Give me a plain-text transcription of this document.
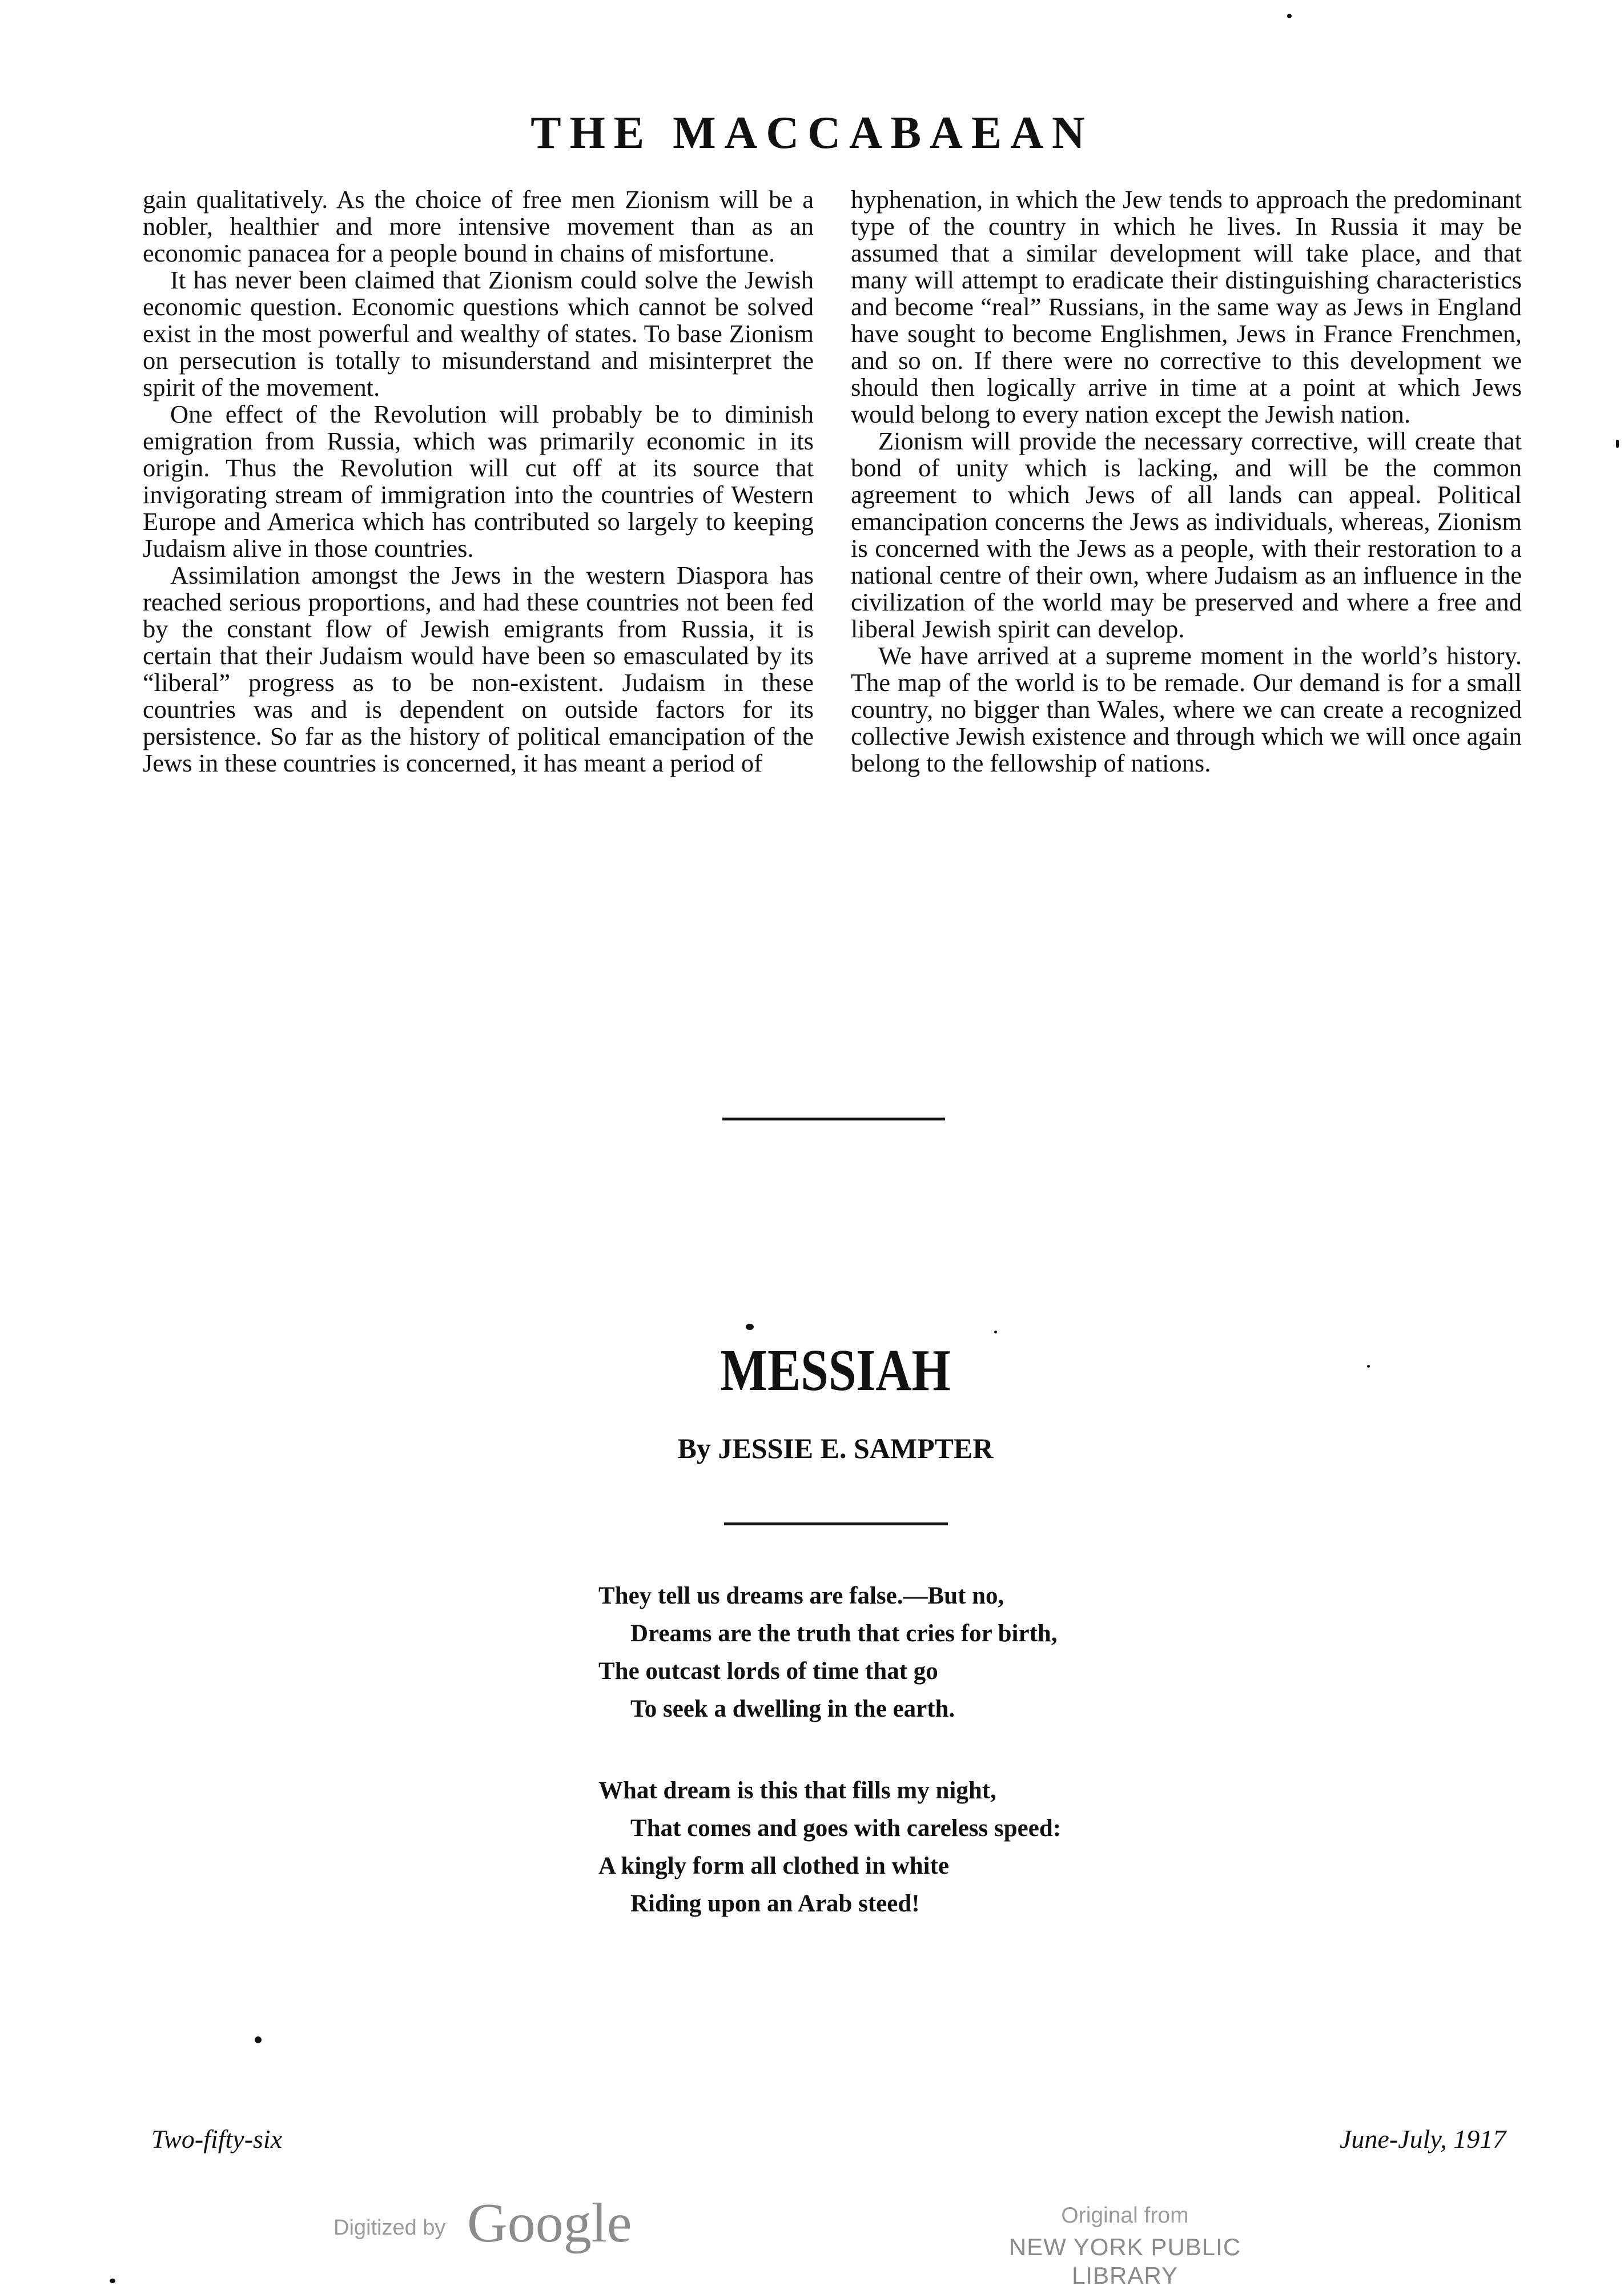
THE MACCABAEAN

gain qualitatively. As the choice of free men Zionism will be a nobler, healthier and more intensive movement than as an economic panacea for a people bound in chains of misfortune.

It has never been claimed that Zionism could solve the Jewish economic question. Economic questions which cannot be solved exist in the most powerful and wealthy of states. To base Zionism on persecution is totally to misunderstand and misinterpret the spirit of the movement.

One effect of the Revolution will probably be to diminish emigration from Russia, which was primarily economic in its origin. Thus the Revolution will cut off at its source that invigorating stream of immigration into the countries of Western Europe and America which has contributed so largely to keeping Judaism alive in those countries.

Assimilation amongst the Jews in the western Diaspora has reached serious proportions, and had these countries not been fed by the constant flow of Jewish emigrants from Russia, it is certain that their Judaism would have been so emasculated by its “liberal” progress as to be non-existent. Judaism in these countries was and is dependent on outside factors for its persistence. So far as the history of political emancipation of the Jews in these countries is concerned, it has meant a period of

hyphenation, in which the Jew tends to approach the predominant type of the country in which he lives. In Russia it may be assumed that a similar development will take place, and that many will attempt to eradicate their distinguishing characteristics and become “real” Russians, in the same way as Jews in England have sought to become Englishmen, Jews in France Frenchmen, and so on. If there were no corrective to this development we should then logically arrive in time at a point at which Jews would belong to every nation except the Jewish nation.

Zionism will provide the necessary corrective, will create that bond of unity which is lacking, and will be the common agreement to which Jews of all lands can appeal. Political emancipation concerns the Jews as individuals, whereas, Zionism is concerned with the Jews as a people, with their restoration to a national centre of their own, where Judaism as an influence in the civilization of the world may be preserved and where a free and liberal Jewish spirit can develop.

We have arrived at a supreme moment in the world’s history. The map of the world is to be remade. Our demand is for a small country, no bigger than Wales, where we can create a recognized collective Jewish existence and through which we will once again belong to the fellowship of nations.

MESSIAH
By JESSIE E. SAMPTER
They tell us dreams are false.—But no,
Dreams are the truth that cries for birth,
The outcast lords of time that go
To seek a dwelling in the earth.
What dream is this that fills my night,
That comes and goes with careless speed:
A kingly form all clothed in white
Riding upon an Arab steed!
Two-fifty-six	June-July, 1917
Digitized by Google	Original from
NEW YORK PUBLIC LIBRARY
